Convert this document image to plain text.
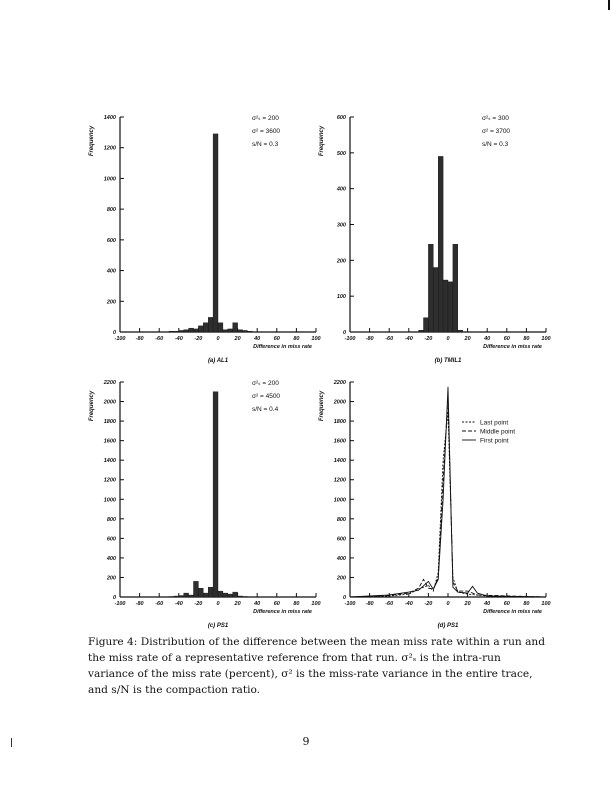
-100 -80 -60 -40 -20	0	20 40 60 80 100
0
200
400
600
800
1000
1200
1400
Frequency
Difference in miss rate
(a) AL1
σ²ₛ = 200
σ² = 3600
s/N = 0.3
-100 -80 -60 -40 -20	0	20 40 60 80 100
0
100
200
300
400
500
600
Frequency
Difference in miss rate
(b) TMIL1
σ²ₛ = 300
σ² = 3700
s/N = 0.3
-100 -80 -60 -40 -20	0	20 40 60 80 100
0
200
400
600
800
1000
1200
1400
1600
1800
2000
2200
Frequency
Difference in miss rate
(c) PS1
σ²ₛ = 200
σ² = 4500
s/N = 0.4
-100 -80 -60 -40 -20	0	20 40 60 80 100
0
200
400
600
800
1000
1200
1400
1600
1800
2000
2200
Frequency
Difference in miss rate
(d) PS1
Last point
Middle point
First point
Figure 4: Distribution of the difference between the mean miss rate within a run and the miss rate of a representative reference from that run. σ²ₛ is the intra-run variance of the miss rate (percent), σ² is the miss-rate variance in the entire trace, and s/N is the compaction ratio.
9
